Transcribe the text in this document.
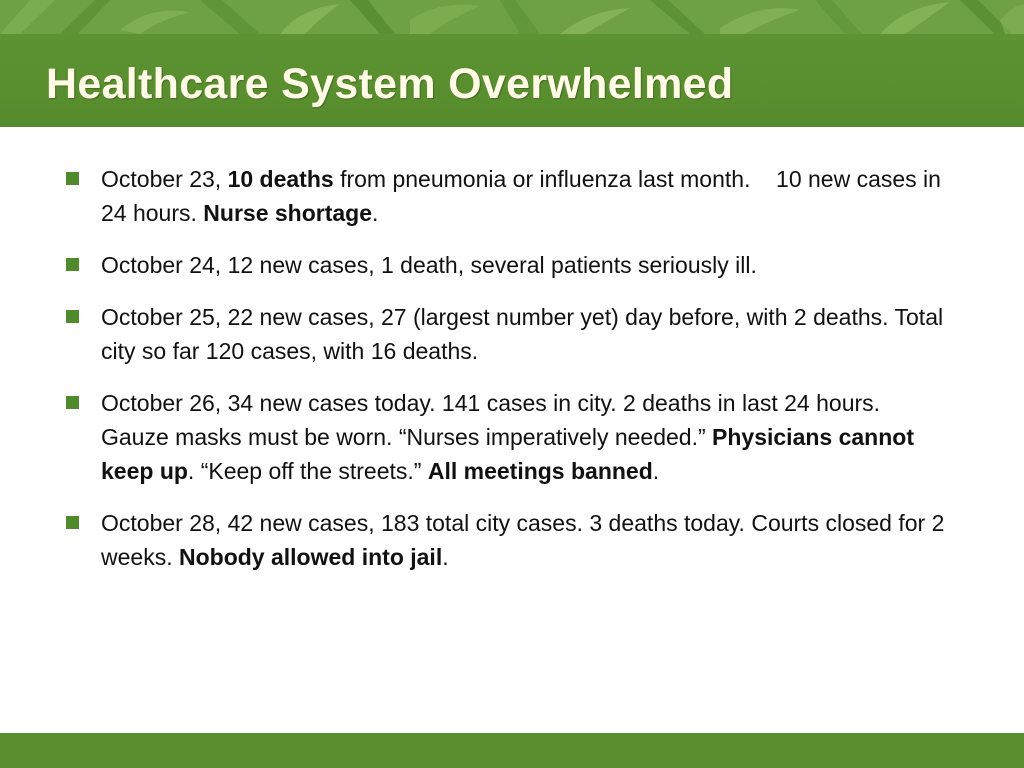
Healthcare System Overwhelmed
October 23, 10 deaths from pneumonia or influenza last month.    10 new cases in 24 hours. Nurse shortage.
October 24, 12 new cases, 1 death, several patients seriously ill.
October 25, 22 new cases, 27 (largest number yet) day before, with 2 deaths. Total city so far 120 cases, with 16 deaths.
October 26, 34 new cases today. 141 cases in city. 2 deaths in last 24 hours. Gauze masks must be worn. “Nurses imperatively needed.” Physicians cannot keep up. “Keep off the streets.” All meetings banned.
October 28, 42 new cases, 183 total city cases. 3 deaths today. Courts closed for 2 weeks. Nobody allowed into jail.
